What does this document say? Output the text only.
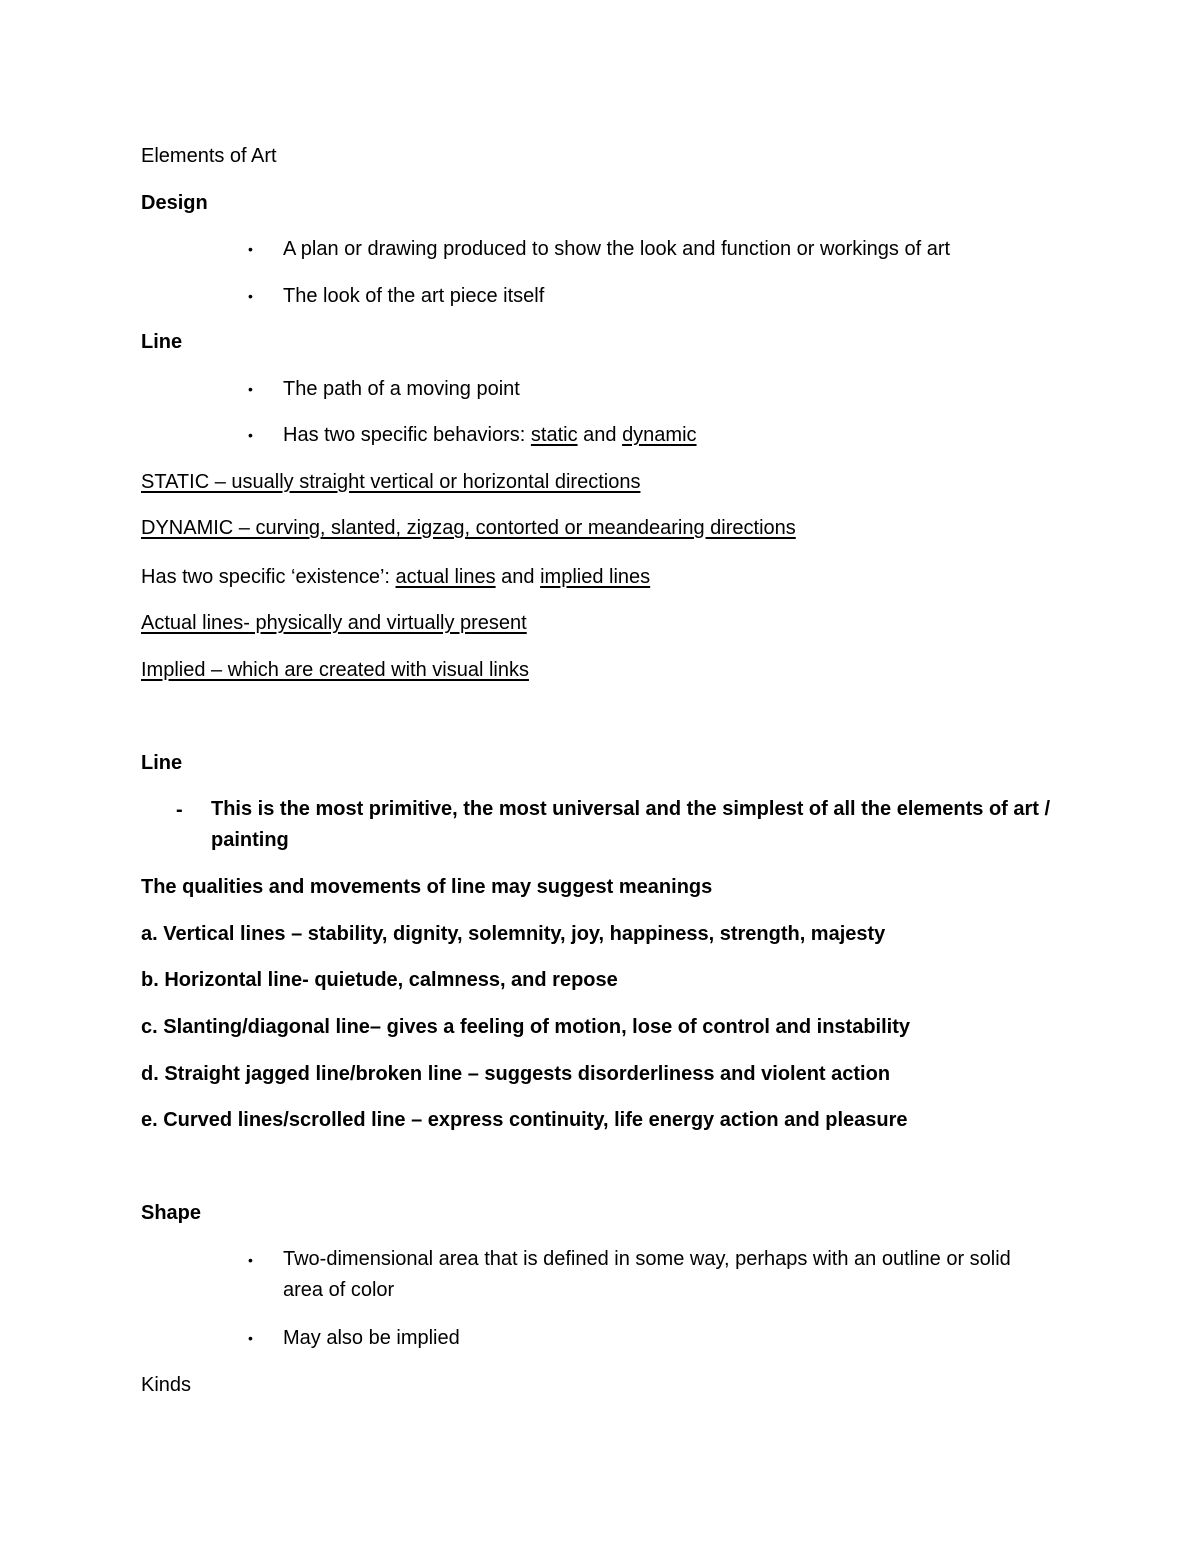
Elements of Art
Design
• A plan or drawing produced to show the look and function or workings of art
• The look of the art piece itself
Line
• The path of a moving point
• Has two specific behaviors: static and dynamic
STATIC – usually straight vertical or horizontal directions
DYNAMIC – curving, slanted, zigzag, contorted or meandearing directions
Has two specific ‘existence’: actual lines and implied lines
Actual lines- physically and virtually present
Implied – which are created with visual links
Line
- This is the most primitive, the most universal and the simplest of all the elements of art / painting
The qualities and movements of line may suggest meanings
a. Vertical lines – stability, dignity, solemnity, joy, happiness, strength, majesty
b. Horizontal line- quietude, calmness, and repose
c. Slanting/diagonal line– gives a feeling of motion, lose of control and instability
d. Straight jagged line/broken line – suggests disorderliness and violent action
e. Curved lines/scrolled line – express continuity, life energy action and pleasure
Shape
• Two-dimensional area that is defined in some way, perhaps with an outline or solid area of color
• May also be implied
Kinds
